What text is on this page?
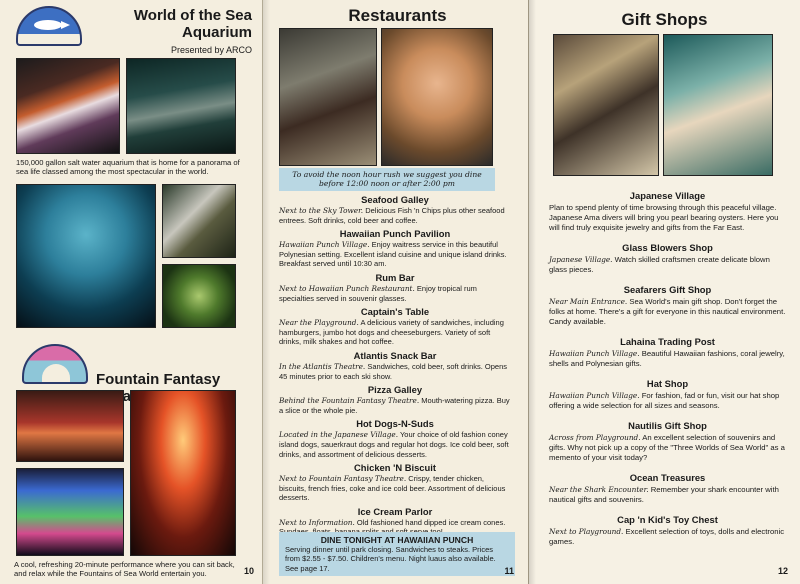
World of the Sea Aquarium
Presented by ARCO
150,000 gallon salt water aquarium that is home for a panorama of sea life classed among the most spectacular in the world.
Fountain Fantasy
A cool, refreshing 20-minute performance where you can sit back, and relax while the Fountains of Sea World entertain you.	10
Restaurants
To avoid the noon hour rush we suggest you dine before 12:00 noon or after 2:00 pm
Seafood Galley

Next to the Sky Tower. Delicious Fish 'n Chips plus other seafood entrees. Soft drinks, cold beer and coffee.

Hawaiian Punch Pavilion

Hawaiian Punch Village. Enjoy waitress service in this beautiful Polynesian setting. Excellent island cuisine and unique island drinks. Breakfast served until 10:30 am.

Rum Bar

Next to Hawaiian Punch Restaurant. Enjoy tropical rum specialties served in souvenir glasses.

Captain's Table

Near the Playground. A delicious variety of sandwiches, including hamburgers, jumbo hot dogs and cheeseburgers. Variety of soft drinks, milk shakes and hot coffee.

Atlantis Snack Bar

In the Atlantis Theatre. Sandwiches, cold beer, soft drinks. Opens 45 minutes prior to each ski show.

Pizza Galley

Behind the Fountain Fantasy Theatre. Mouth-watering pizza. Buy a slice or the whole pie.

Hot Dogs-N-Suds

Located in the Japanese Village. Your choice of old fashion coney island dogs, sauerkraut dogs and regular hot dogs. Ice cold beer, soft drinks, and assortment of delicious desserts.

Chicken 'N Biscuit

Next to Fountain Fantasy Theatre. Crispy, tender chicken, biscuits, french fries, coke and ice cold beer. Assortment of delicious desserts.

Ice Cream Parlor

Next to Information. Old fashioned hand dipped ice cream cones.

DINE TONIGHT AT HAWAIIAN PUNCH

Serving dinner until park closing. Sandwiches to steaks. Prices from $2.55 - $7.50. Children's menu. Night luaus also available. See page 17.	11
Gift Shops
Japanese Village

Plan to spend plenty of time browsing through this peaceful village. Japanese Ama divers will bring you pearl bearing oysters. Here you will find truly exquisite jewelry and gifts from the Far East.

Glass Blowers Shop

Japanese Village. Watch skilled craftsmen create delicate blown glass pieces.

Seafarers Gift Shop

Near Main Entrance. Sea World's main gift shop. Don't forget the folks at home. There's a gift for everyone in this nautical environment. Candy available.

Lahaina Trading Post

Hawaiian Punch Village. Beautiful Hawaiian fashions, coral jewelry, shells and Polynesian gifts.

Hat Shop

Hawaiian Punch Village. For fashion, fad or fun, visit our hat shop offering a wide selection for all sizes and seasons.

Nautilis Gift Shop

Across from Playground. An excellent selection of souvenirs and gifts. Why not pick up a copy of the "Three Worlds of Sea World" as a memento of your visit today?

Ocean Treasures

Near the Shark Encounter. Remember your shark encounter with nautical gifts and souvenirs.

Cap 'n Kid's Toy Chest

Next to Playground. Excellent selection of toys, dolls and electronic games.

12
